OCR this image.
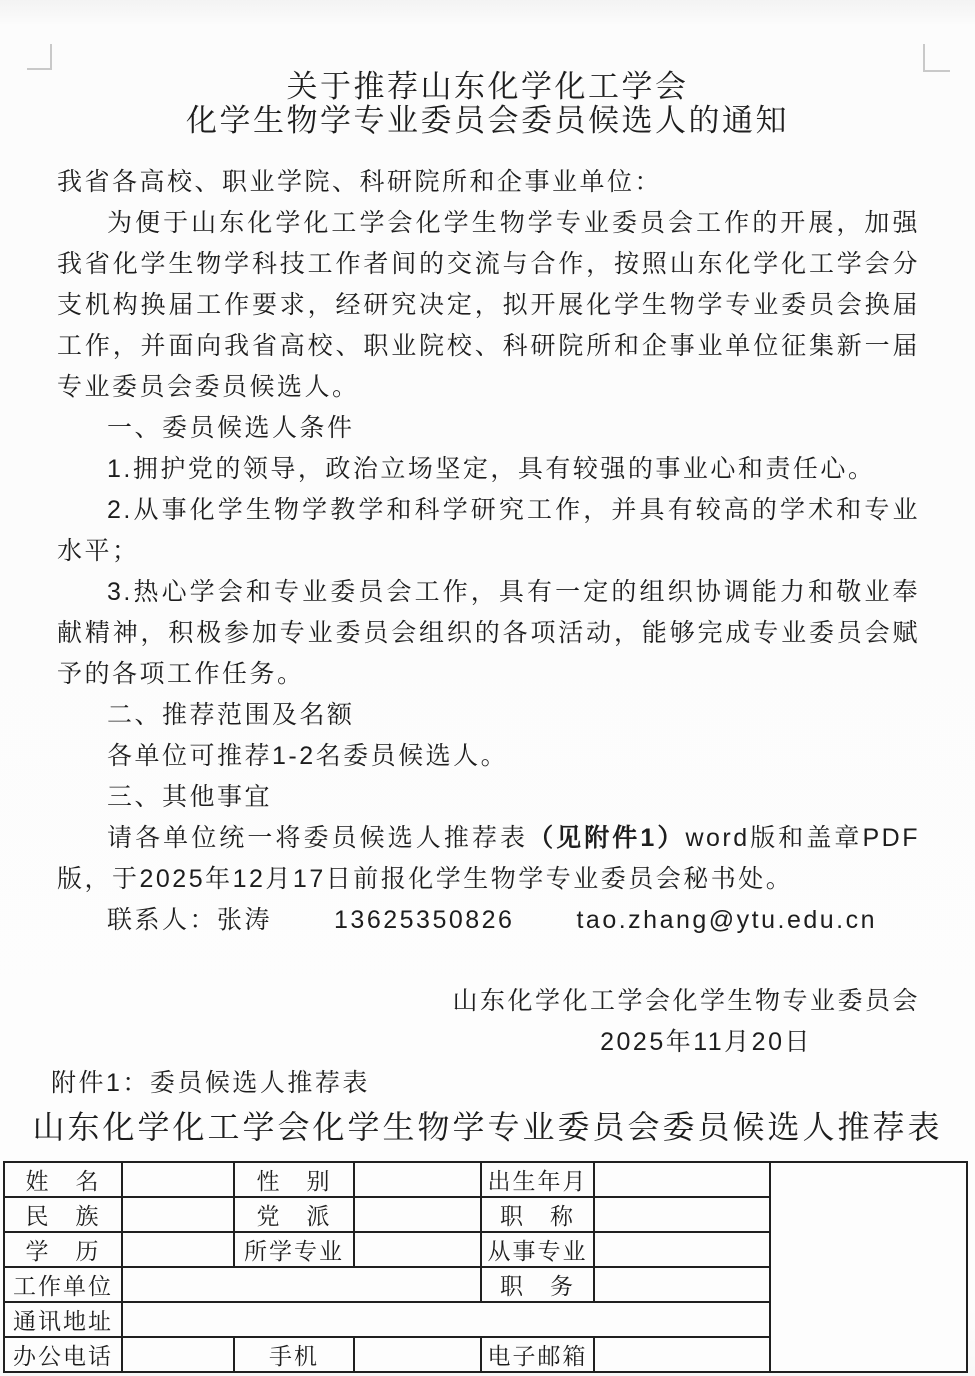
关于推荐山东化学化工学会
化学生物学专业委员会委员候选人的通知

我省各高校、职业学院、科研院所和企事业单位：

为便于山东化学化工学会化学生物学专业委员会工作的开展，加强我省化学生物学科技工作者间的交流与合作，按照山东化学化工学会分支机构换届工作要求，经研究决定，拟开展化学生物学专业委员会换届工作，并面向我省高校、职业院校、科研院所和企事业单位征集新一届专业委员会委员候选人。

一、委员候选人条件

1.拥护党的领导，政治立场坚定，具有较强的事业心和责任心。

2.从事化学生物学教学和科学研究工作，并具有较高的学术和专业水平；

3.热心学会和专业委员会工作，具有一定的组织协调能力和敬业奉献精神，积极参加专业委员会组织的各项活动，能够完成专业委员会赋予的各项工作任务。

二、推荐范围及名额

各单位可推荐1-2名委员候选人。

三、其他事宜

请各单位统一将委员候选人推荐表（见附件1）word版和盖章PDF版，于2025年12月17日前报化学生物学专业委员会秘书处。

联系人：张涛 13625350826 tao.zhang@ytu.edu.cn

山东化学化工学会化学生物专业委员会

2025年11月20日

附件1：委员候选人推荐表

山东化学化工学会化学生物学专业委员会委员候选人推荐表
姓　名		性　别		出生年月		
民　族		党　派		职　称		
学　历		所学专业		从事专业		
工作单位				职　务		
通讯地址						
办公电话		手机		电子邮箱		
